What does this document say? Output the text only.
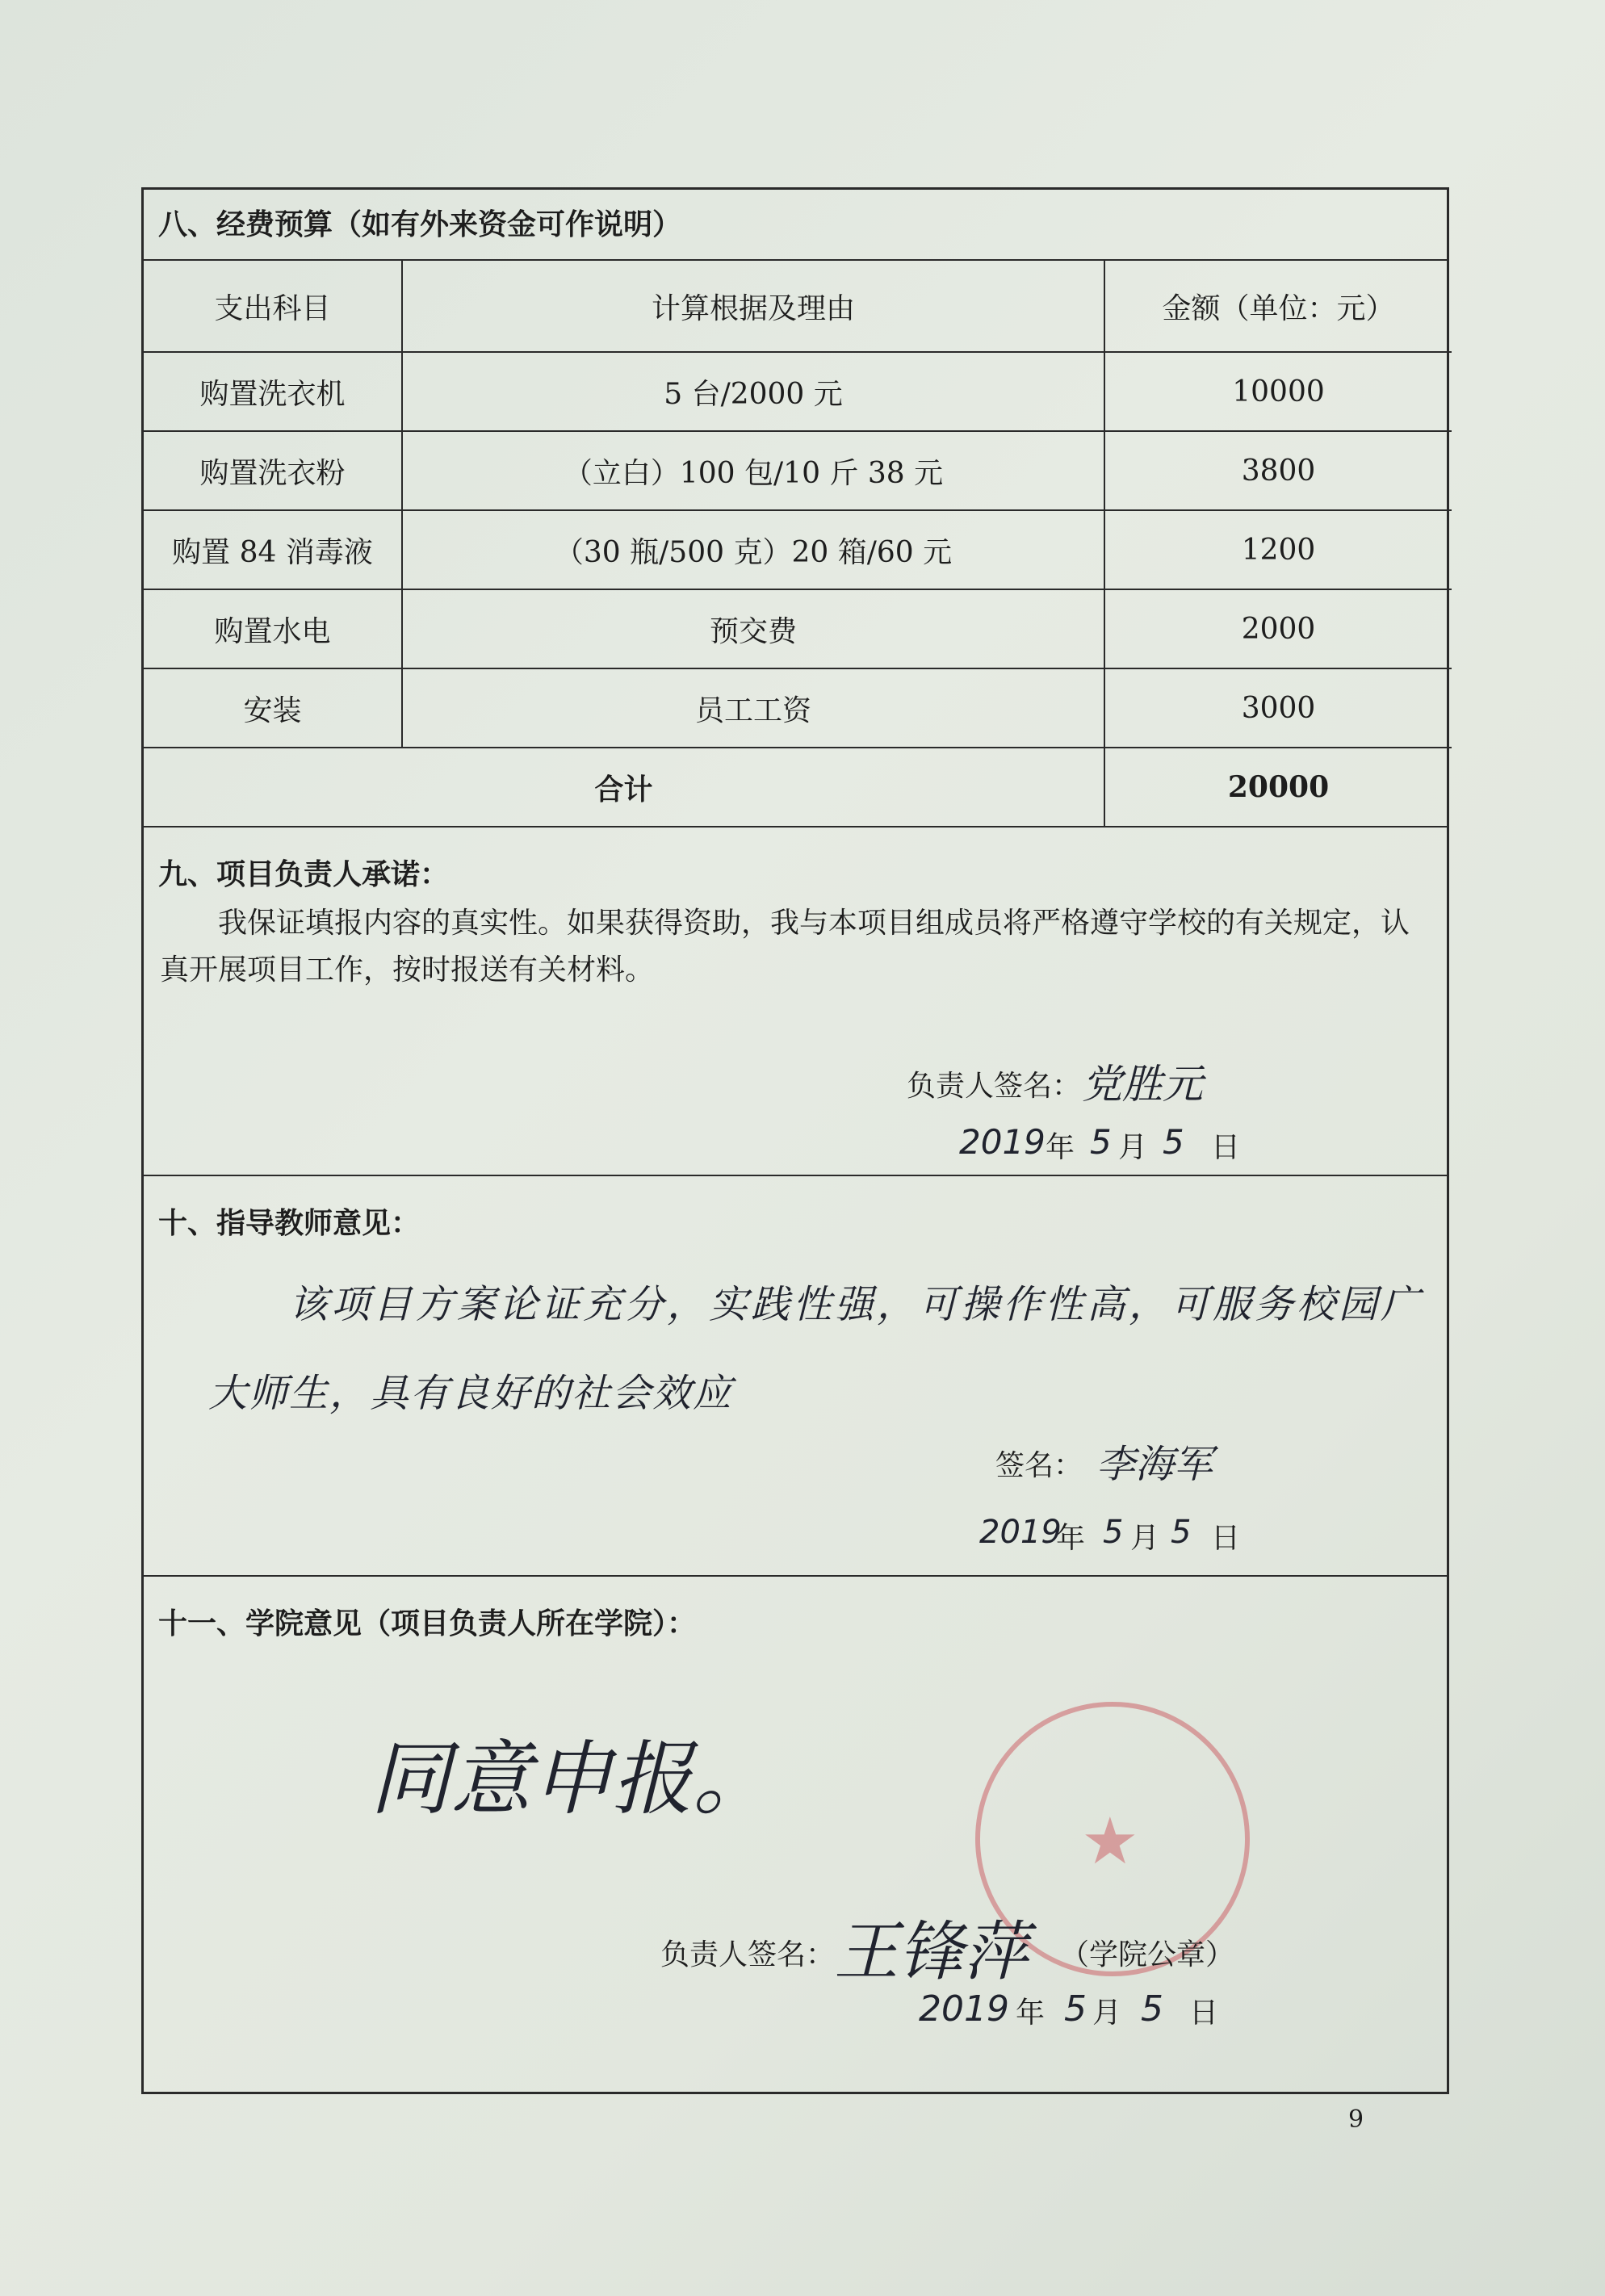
八、经费预算（如有外来资金可作说明）
支出科目	计算根据及理由	金额（单位：元）
购置洗衣机	5 台/2000 元	10000
购置洗衣粉	（立白）100 包/10 斤 38 元	3800
购置 84 消毒液	（30 瓶/500 克）20 箱/60 元	1200
购置水电	预交费	2000
安装	员工工资	3000
合计		20000
九、项目负责人承诺：
我保证填报内容的真实性。如果获得资助，我与本项目组成员将严格遵守学校的有关规定，认真开展项目工作，按时报送有关材料。
负责人签名： 党胜元
2019 年 5 月 5 日
十、指导教师意见：
该项目方案论证充分，实践性强，可操作性高，可服务校园广
大师生，具有良好的社会效应
签名： 李海军
2019
年 5 月 5 日
十一、学院意见（项目负责人所在学院）：
★
同意申报。
负责人签名：
王锋萍 （学院公章）
2019 年 5 月 5 日
9
